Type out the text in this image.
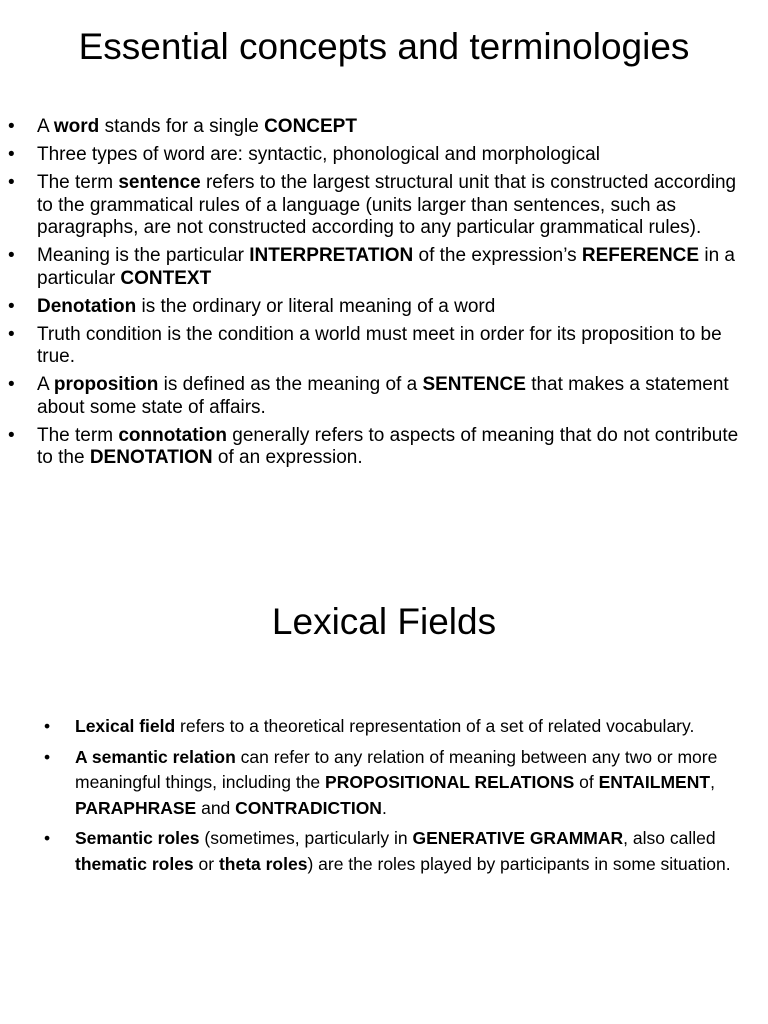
Essential concepts and terminologies
• A word stands for a single CONCEPT
• Three types of word are: syntactic, phonological and morphological
• The term sentence refers to the largest structural unit that is constructed according to the grammatical rules of a language (units larger than sentences, such as paragraphs, are not constructed according to any particular grammatical rules).
• Meaning is the particular INTERPRETATION of the expression’s REFERENCE in a particular CONTEXT
• Denotation is the ordinary or literal meaning of a word
• Truth condition is the condition a world must meet in order for its proposition to be true.
• A proposition is defined as the meaning of a SENTENCE that makes a statement about some state of affairs.
• The term connotation generally refers to aspects of meaning that do not contribute to the DENOTATION of an expression.
Lexical Fields
• Lexical field refers to a theoretical representation of a set of related vocabulary.
• A semantic relation can refer to any relation of meaning between any two or more meaningful things, including the PROPOSITIONAL RELATIONS of ENTAILMENT, PARAPHRASE and CONTRADICTION.
• Semantic roles (sometimes, particularly in GENERATIVE GRAMMAR, also called thematic roles or theta roles) are the roles played by participants in some situation.
